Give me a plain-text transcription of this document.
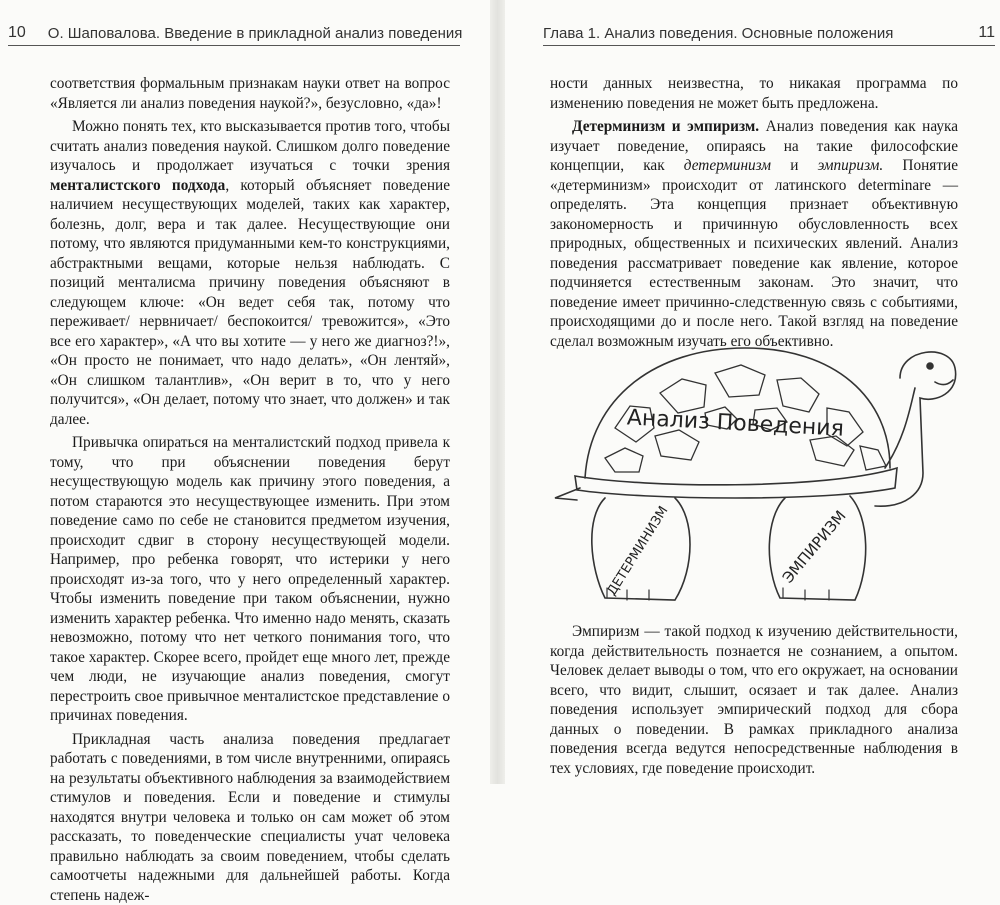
10 О. Шаповалова. Введение в прикладной анализ поведения

соответствия формальным признакам науки ответ на вопрос «Является ли анализ поведения наукой?», безусловно, «да»!

Можно понять тех, кто высказывается против того, чтобы считать анализ поведения наукой. Слишком долго поведение изучалось и продолжает изучаться с точки зрения менталистского подхода, который объясняет поведение наличием несуществующих моделей, таких как характер, болезнь, долг, вера и так далее. Несуществующие они потому, что являются придуманными кем-то конструкциями, абстрактными вещами, которые нельзя наблюдать. С позиций менталисма причину поведения объясняют в следующем ключе: «Он ведет себя так, потому что переживает/ нервничает/ беспокоится/ тревожится», «Это все его характер», «А что вы хотите — у него же диагноз?!», «Он просто не понимает, что надо делать», «Он лентяй», «Он слишком талантлив», «Он верит в то, что у него получится», «Он делает, потому что знает, что должен» и так далее.

Привычка опираться на менталистский подход привела к тому, что при объяснении поведения берут несуществующую модель как причину этого поведения, а потом стараются это несуществующее изменить. При этом поведение само по себе не становится предметом изучения, происходит сдвиг в сторону несуществующей модели. Например, про ребенка говорят, что истерики у него происходят из-за того, что у него определенный характер. Чтобы изменить поведение при таком объяснении, нужно изменить характер ребенка. Что именно надо менять, сказать невозможно, потому что нет четкого понимания того, что такое характер. Скорее всего, пройдет еще много лет, прежде чем люди, не изучающие анализ поведения, смогут перестроить свое привычное менталистское представление о причинах поведения.

Прикладная часть анализа поведения предлагает работать с поведениями, в том числе внутренними, опираясь на результаты объективного наблюдения за взаимодействием стимулов и поведения. Если и поведение и стимулы находятся внутри человека и только он сам может об этом рассказать, то поведенческие специалисты учат человека правильно наблюдать за своим поведением, чтобы сделать самоотчеты надежными для дальнейшей работы. Когда степень надеж-

Глава 1. Анализ поведения. Основные положения	11

ности данных неизвестна, то никакая программа по изменению поведения не может быть предложена.

Детерминизм и эмпиризм. Анализ поведения как наука изучает поведение, опираясь на такие философские концепции, как детерминизм и эмпиризм. Понятие «детерминизм» происходит от латинского determinare — определять. Эта концепция признает объективную закономерность и причинную обусловленность всех природных, общественных и психических явлений. Анализ поведения рассматривает поведение как явление, которое подчиняется естественным законам. Это значит, что поведение имеет причинно-следственную связь с событиями, происходящими до и после него. Такой взгляд на поведение сделал возможным изучать его объективно.

Анализ Поведения
ДЕТЕРМИНИЗМ	ЭМПИРИЗМ

Эмпиризм — такой подход к изучению действительности, когда действительность познается не сознанием, а опытом. Человек делает выводы о том, что его окружает, на основании всего, что видит, слышит, осязает и так далее. Анализ поведения использует эмпирический подход для сбора данных о поведении. В рамках прикладного анализа поведения всегда ведутся непосредственные наблюдения в тех условиях, где поведение происходит.
